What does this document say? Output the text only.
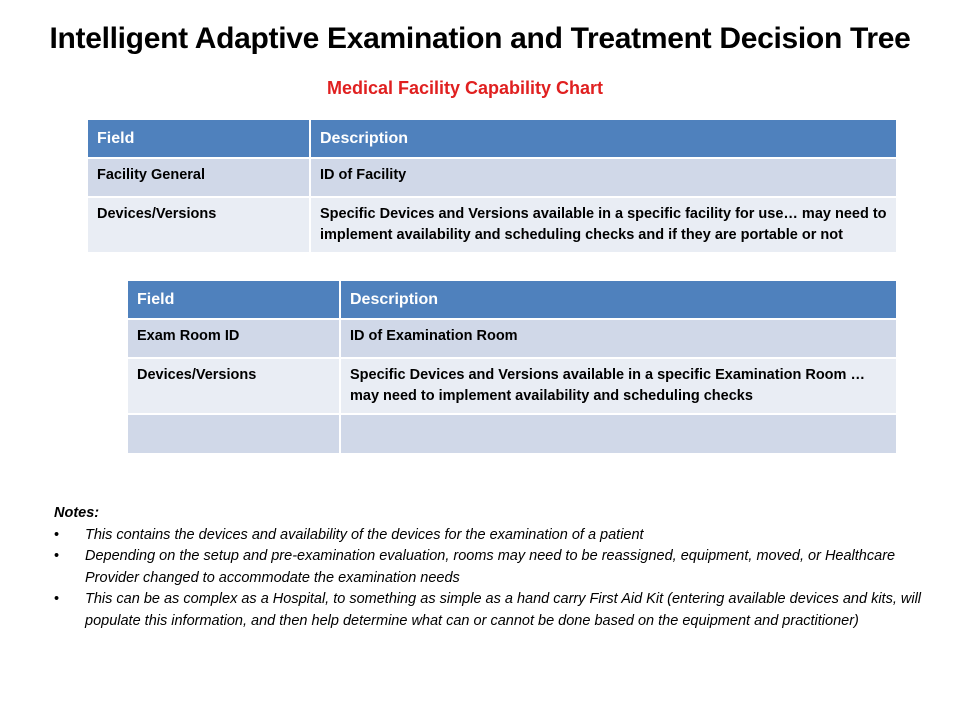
Intelligent Adaptive Examination and Treatment Decision Tree
Medical Facility Capability Chart
Field	Description
Facility General	ID of Facility
Devices/Versions	Specific Devices and Versions available in a specific facility for use… may need to implement availability and scheduling checks and if they are portable or not
Field	Description
Exam Room ID	ID of Examination Room
Devices/Versions	Specific Devices and Versions available in a specific Examination Room … may need to implement availability and scheduling checks

Notes:
• This contains the devices and availability of the devices for the examination of a patient
• Depending on the setup and pre-examination evaluation, rooms may need to be reassigned, equipment, moved, or Healthcare Provider changed to accommodate the examination needs
• This can be as complex as a Hospital, to something as simple as a hand carry First Aid Kit (entering available devices and kits, will populate this information, and then help determine what can or cannot be done based on the equipment and practitioner)
